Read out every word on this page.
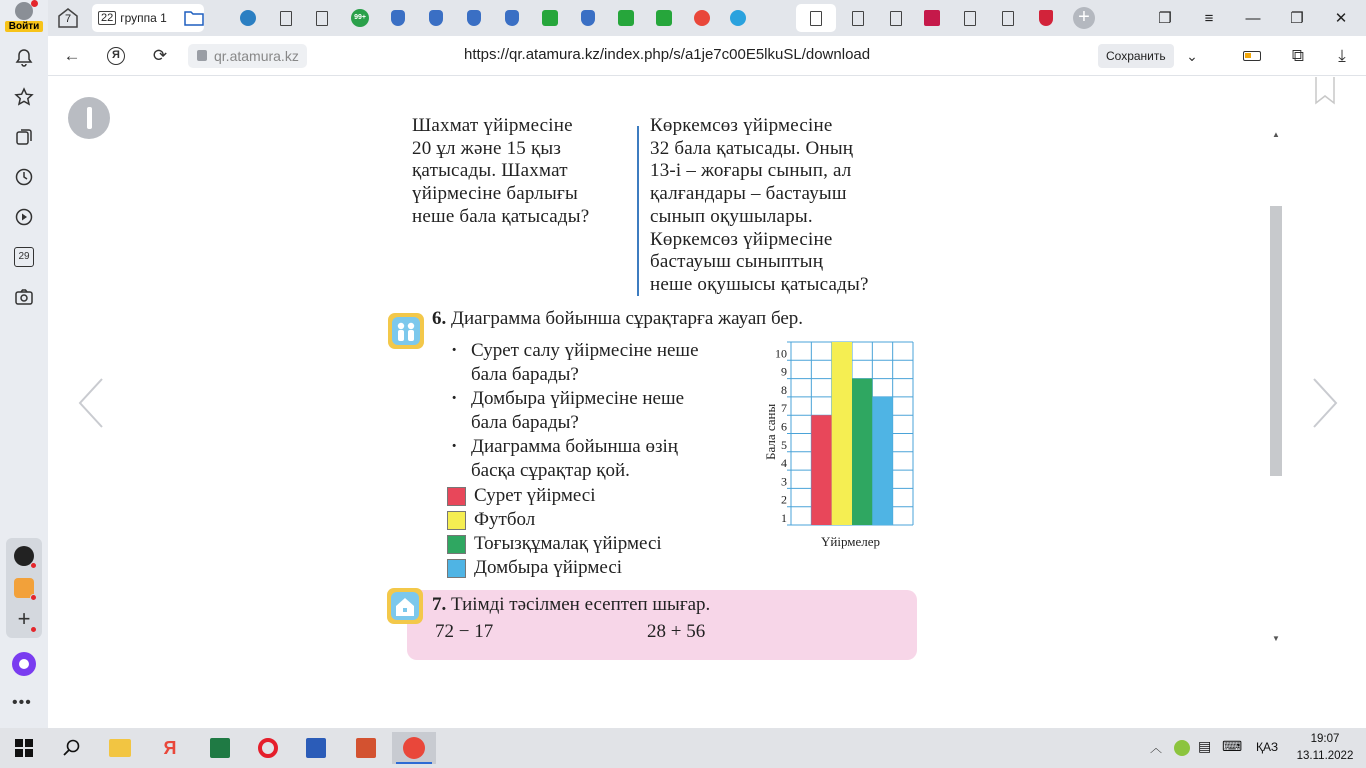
Войти
29
+
•••
7	22 группа 1	99+	+	❐	≡	—	❐	✕
←	Я	⟳	qr.atamura.kz	https://qr.atamura.kz/index.php/s/a1je7c00E5lkuSL/download	Сохранить	⌄	⧉	⤓
Шахмат үйірмесіне
20 ұл және 15 қыз
қатысады. Шахмат
үйірмесіне барлығы
неше бала қатысады?
Көркемсөз үйірмесіне
32 бала қатысады. Оның
13-і – жоғары сынып, ал
қалғандары – бастауыш
сынып оқушылары.
Көркемсөз үйірмесіне
бастауыш сыныптың
неше оқушысы қатысады?
6. Диаграмма бойынша сұрақтарға жауап бер.
· Сурет салу үйірмесіне неше
бала барады?
· Домбыра үйірмесіне неше
бала барады?
· Диаграмма бойынша өзің
басқа сұрақтар қой.
Сурет үйірмесі
Футбол
Тоғызқұмалақ үйірмесі
Домбыра үйірмесі
1
2
3
4
5
6
7
8
9
10
Бала саны
Үйірмелер
7. Тиімді тәсілмен есептеп шығар.
72 − 17	28 + 56
▲
▼
Я	︿	▤ ⌨ ҚАЗ
19:07
13.11.2022
